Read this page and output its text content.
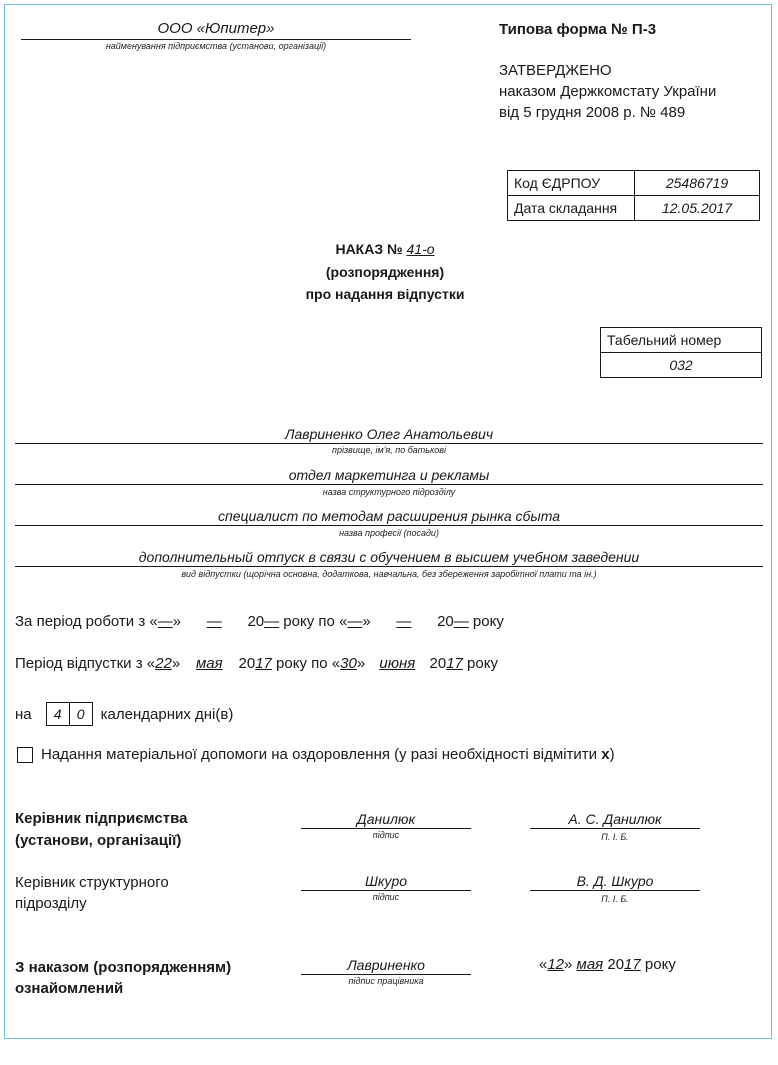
ООО «Юпитер»
найменування підприємства (установи, організації)
Типова форма № П-3
ЗАТВЕРДЖЕНО
наказом Держкомстату України
від 5 грудня 2008 р. № 489
Код ЄДРПОУ	25486719
Дата складання	12.05.2017
НАКАЗ № 41-о
(розпорядження)
про надання відпустки
Табельний номер
032
Лавриненко Олег Анатольевич
прізвище, ім'я, по батькові
отдел маркетинга и рекламы
назва структурного підрозділу
специалист по методам расширения рынка сбыта
назва професії (посади)
дополнительный отпуск в связи с обучением в высшем учебном заведении
вид відпустки (щорічна основна, додаткова, навчальна, без збереження заробітної плати та ін.)
За період роботи з «—» — 20— року по «—» — 20— року
Період відпустки з «22» мая 2017 року по «30» июня 2017 року
на	4	0	календарних дні(в)
Надання матеріальної допомоги на оздоровлення (у разі необхідності відмітити х)
Керівник підприємства
(установи, організації)
Данилюк
підпис
А. С. Данилюк
П. І. Б.
Керівник структурного
підрозділу
Шкуро
підпис
В. Д. Шкуро
П. І. Б.
З наказом (розпорядженням)
ознайомлений
Лавриненко
підпис працівника
«12» мая 2017 року
